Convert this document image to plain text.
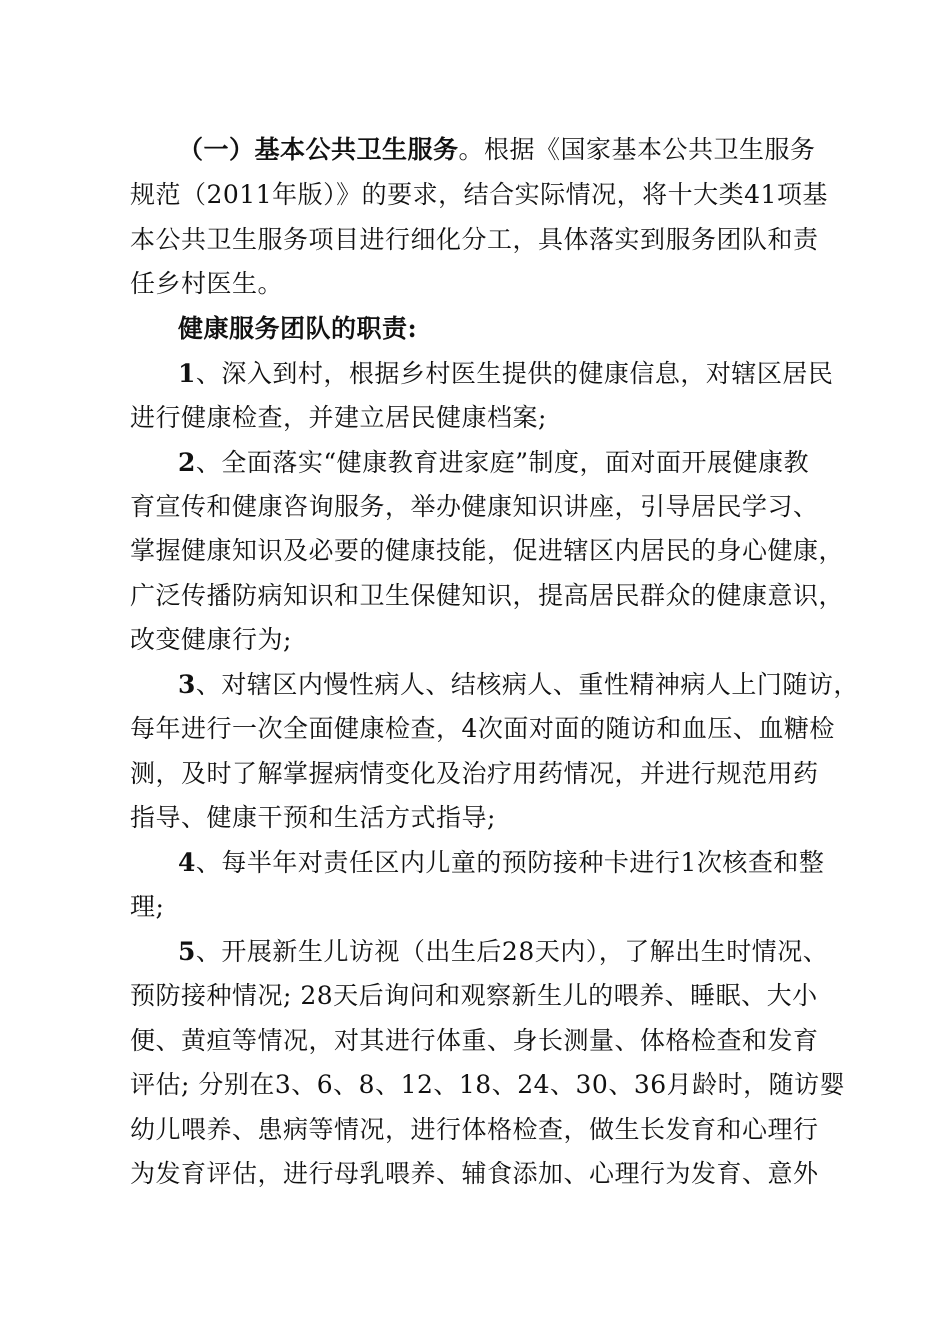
（一）基本公共卫生服务。根据《国家基本公共卫生服务
规范（2011年版）》的要求，结合实际情况，将十大类41项基
本公共卫生服务项目进行细化分工，具体落实到服务团队和责
任乡村医生。
健康服务团队的职责:
1、深入到村，根据乡村医生提供的健康信息，对辖区居民
进行健康检查，并建立居民健康档案;
2、全面落实“健康教育进家庭”制度，面对面开展健康教
育宣传和健康咨询服务，举办健康知识讲座，引导居民学习、
掌握健康知识及必要的健康技能，促进辖区内居民的身心健康，
广泛传播防病知识和卫生保健知识，提高居民群众的健康意识，
改变健康行为;
3、对辖区内慢性病人、结核病人、重性精神病人上门随访，
每年进行一次全面健康检查，4次面对面的随访和血压、血糖检
测，及时了解掌握病情变化及治疗用药情况，并进行规范用药
指导、健康干预和生活方式指导;
4、每半年对责任区内儿童的预防接种卡进行1次核查和整
理;
5、开展新生儿访视（出生后28天内），了解出生时情况、
预防接种情况; 28天后询问和观察新生儿的喂养、睡眠、大小
便、黄疸等情况，对其进行体重、身长测量、体格检查和发育
评估; 分别在3、6、8、12、18、24、30、36月龄时，随访婴
幼儿喂养、患病等情况，进行体格检查，做生长发育和心理行
为发育评估，进行母乳喂养、辅食添加、心理行为发育、意外
